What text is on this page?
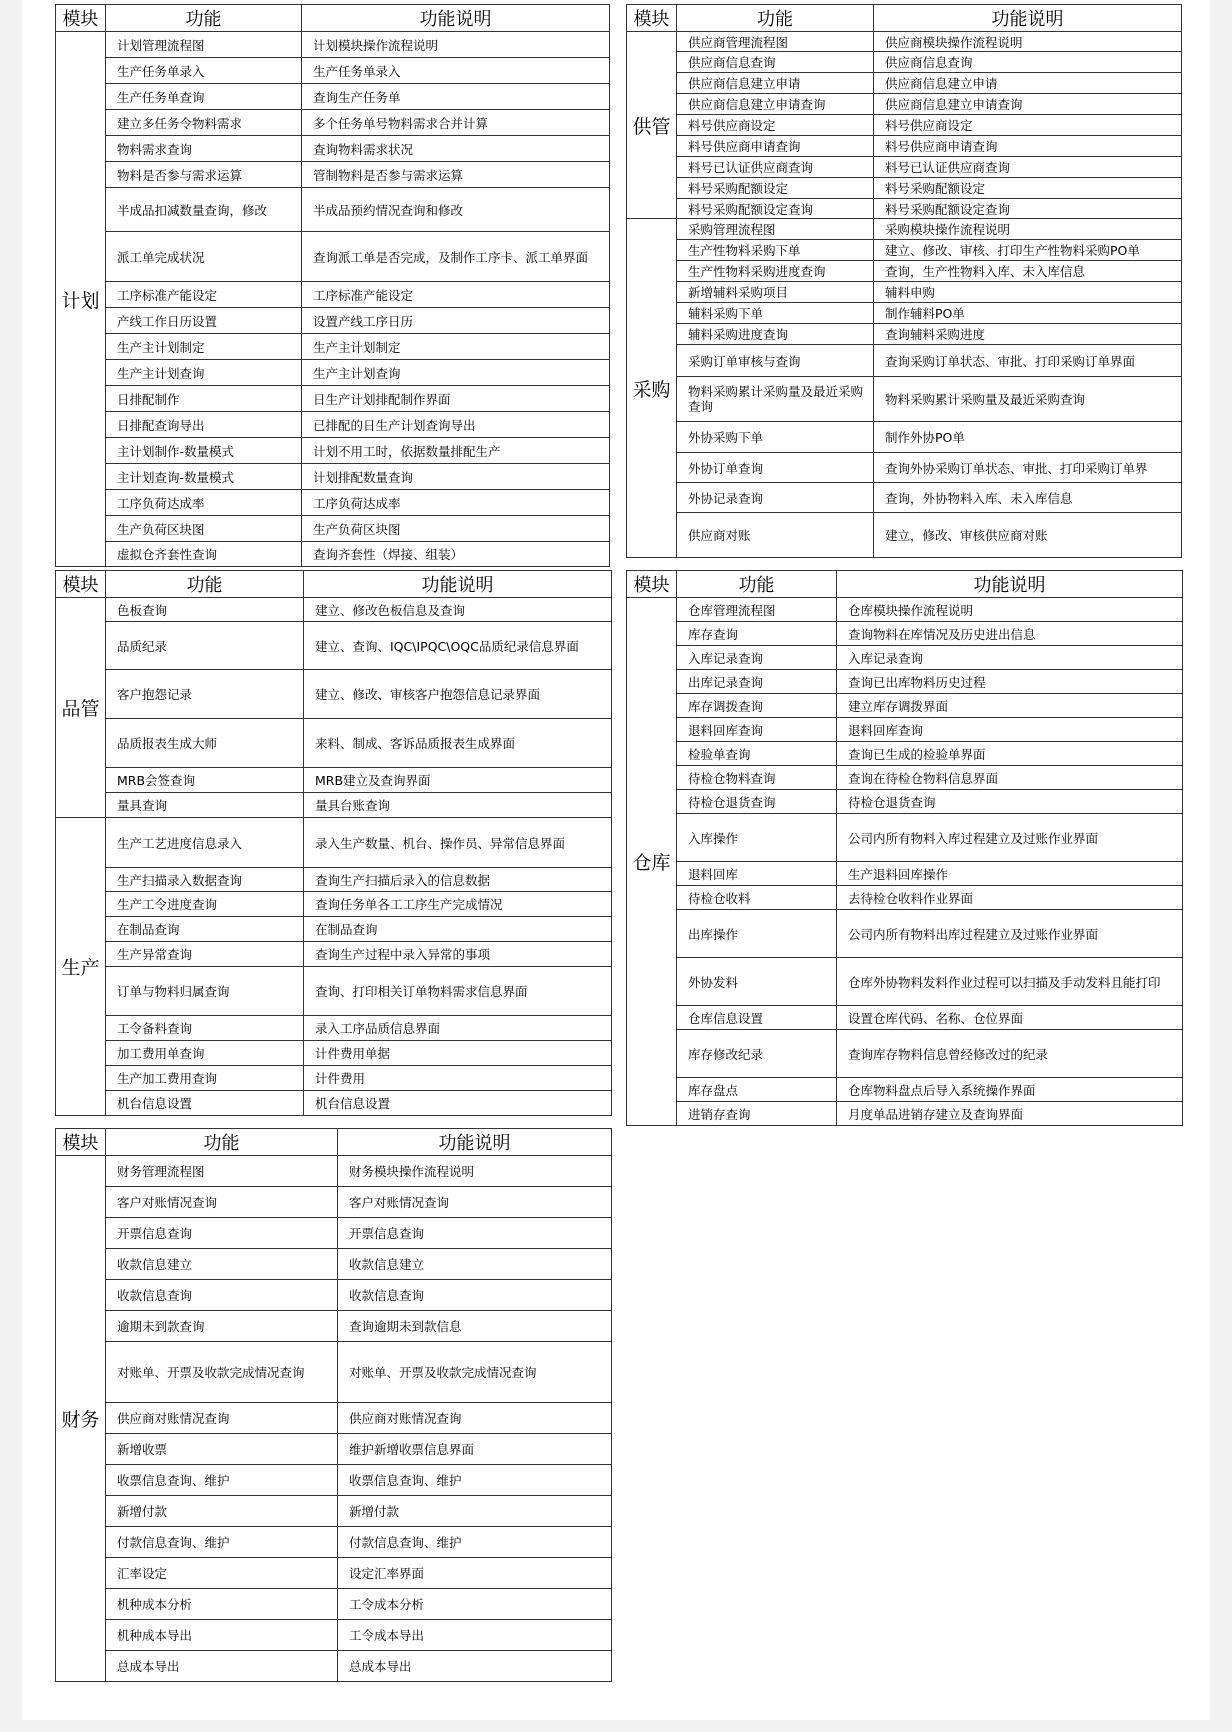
模块	功能	功能说明
计划	计划管理流程图	计划模块操作流程说明
	生产任务单录入	生产任务单录入
	生产任务单查询	查询生产任务单
	建立多任务令物料需求	多个任务单号物料需求合并计算
	物料需求查询	查询物料需求状况
	物料是否参与需求运算	管制物料是否参与需求运算
	半成品扣减数量查询，修改	半成品预约情况查询和修改
	派工单完成状况	查询派工单是否完成，及制作工序卡、派工单界面
	工序标准产能设定	工序标准产能设定
	产线工作日历设置	设置产线工序日历
	生产主计划制定	生产主计划制定
	生产主计划查询	生产主计划查询
	日排配制作	日生产计划排配制作界面
	日排配查询导出	已排配的日生产计划查询导出
	主计划制作-数量模式	计划不用工时，依据数量排配生产
	主计划查询-数量模式	计划排配数量查询
	工序负荷达成率	工序负荷达成率
	生产负荷区块图	生产负荷区块图
	虚拟仓齐套性查询	查询齐套性（焊接、组装）
模块	功能	功能说明
供管	供应商管理流程图	供应商模块操作流程说明
	供应商信息查询	供应商信息查询
	供应商信息建立申请	供应商信息建立申请
	供应商信息建立申请查询	供应商信息建立申请查询
	料号供应商设定	料号供应商设定
	料号供应商申请查询	料号供应商申请查询
	料号已认证供应商查询	料号已认证供应商查询
	料号采购配额设定	料号采购配额设定
	料号采购配额设定查询	料号采购配额设定查询
采购	采购管理流程图	采购模块操作流程说明
	生产性物料采购下单	建立、修改、审核、打印生产性物料采购PO单
	生产性物料采购进度查询	查询，生产性物料入库、未入库信息
	新增辅料采购项目	辅料申购
	辅料采购下单	制作辅料PO单
	辅料采购进度查询	查询辅料采购进度
	采购订单审核与查询	查询采购订单状态、审批、打印采购订单界面
	物料采购累计采购量及最近采购查询	物料采购累计采购量及最近采购查询
	外协采购下单	制作外协PO单
	外协订单查询	查询外协采购订单状态、审批、打印采购订单界
	外协记录查询	查询，外协物料入库、未入库信息
	供应商对账	建立，修改、审核供应商对账
模块	功能	功能说明
品管	色板查询	建立、修改色板信息及查询
	品质纪录	建立、查询、IQC\IPQC\OQC品质纪录信息界面
	客户抱怨记录	建立、修改、审核客户抱怨信息记录界面
	品质报表生成大师	来料、制成、客诉品质报表生成界面
	MRB会签查询	MRB建立及查询界面
	量具查询	量具台账查询
生产	生产工艺进度信息录入	录入生产数量、机台、操作员、异常信息界面
	生产扫描录入数据查询	查询生产扫描后录入的信息数据
	生产工令进度查询	查询任务单各工工序生产完成情况
	在制品查询	在制品查询
	生产异常查询	查询生产过程中录入异常的事项
	订单与物料归属查询	查询、打印相关订单物料需求信息界面
	工令备料查询	录入工序品质信息界面
	加工费用单查询	计件费用单据
	生产加工费用查询	计件费用
	机台信息设置	机台信息设置
模块	功能	功能说明
仓库	仓库管理流程图	仓库模块操作流程说明
	库存查询	查询物料在库情况及历史进出信息
	入库记录查询	入库记录查询
	出库记录查询	查询已出库物料历史过程
	库存调拨查询	建立库存调拨界面
	退料回库查询	退料回库查询
	检验单查询	查询已生成的检验单界面
	待检仓物料查询	查询在待检仓物料信息界面
	待检仓退货查询	待检仓退货查询
	入库操作	公司内所有物料入库过程建立及过账作业界面
	退料回库	生产退料回库操作
	待检仓收料	去待检仓收料作业界面
	出库操作	公司内所有物料出库过程建立及过账作业界面
	外协发料	仓库外协物料发料作业过程可以扫描及手动发料且能打印
	仓库信息设置	设置仓库代码、名称、仓位界面
	库存修改纪录	查询库存物料信息曾经修改过的纪录
	库存盘点	仓库物料盘点后导入系统操作界面
	进销存查询	月度单品进销存建立及查询界面
模块	功能	功能说明
财务	财务管理流程图	财务模块操作流程说明
	客户对账情况查询	客户对账情况查询
	开票信息查询	开票信息查询
	收款信息建立	收款信息建立
	收款信息查询	收款信息查询
	逾期未到款查询	查询逾期未到款信息
	对账单、开票及收款完成情况查询	对账单、开票及收款完成情况查询
	供应商对账情况查询	供应商对账情况查询
	新增收票	维护新增收票信息界面
	收票信息查询、维护	收票信息查询、维护
	新增付款	新增付款
	付款信息查询、维护	付款信息查询、维护
	汇率设定	设定汇率界面
	机种成本分析	工令成本分析
	机种成本导出	工令成本导出
	总成本导出	总成本导出
